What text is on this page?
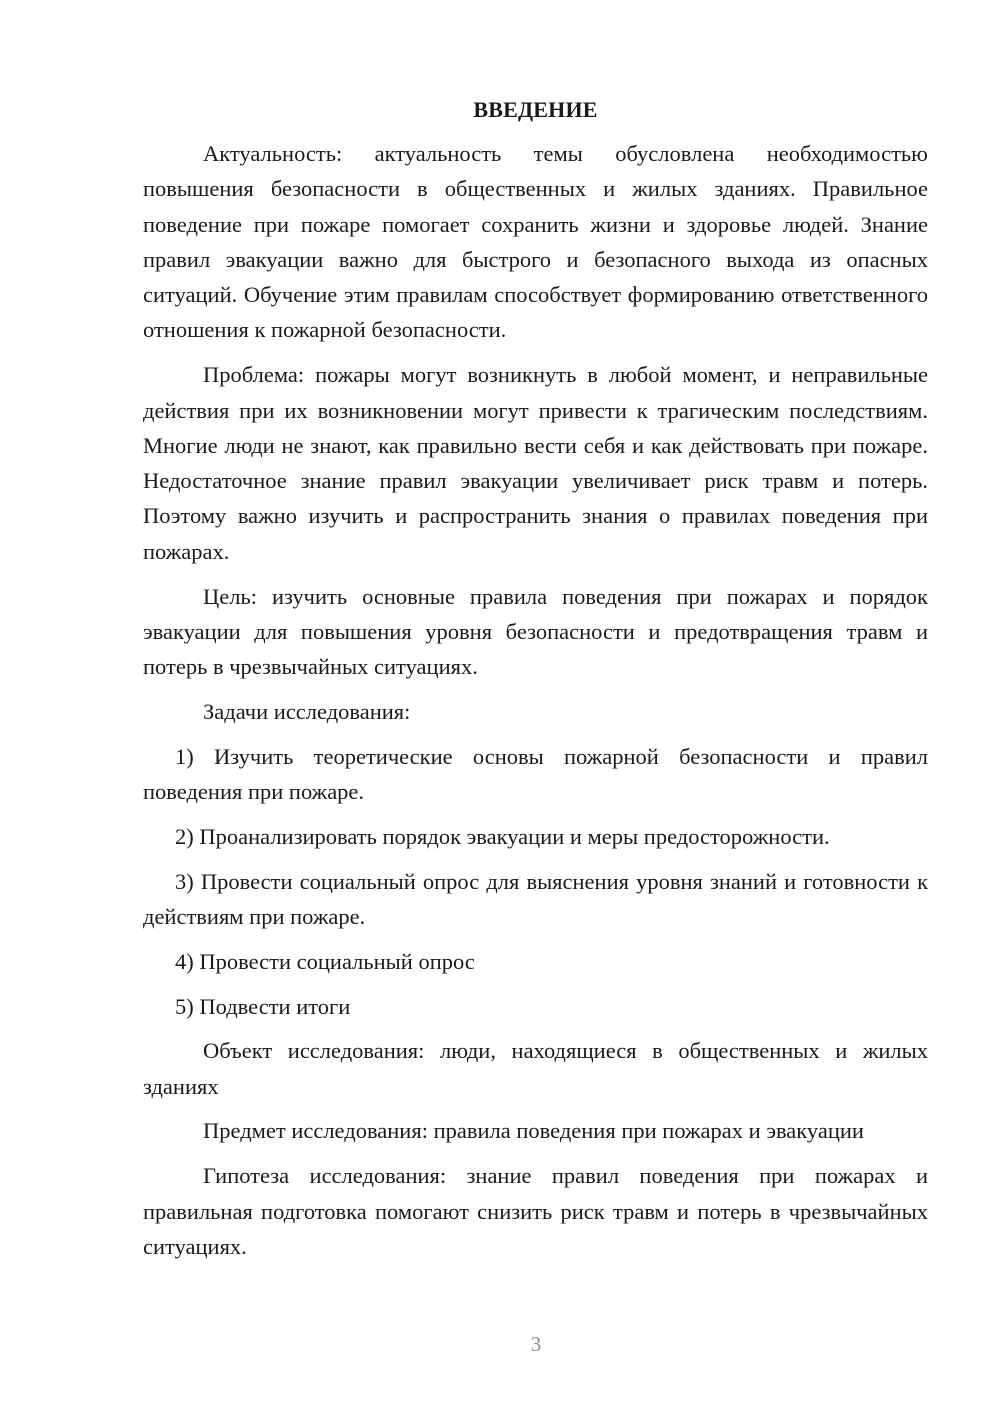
ВВЕДЕНИЕ

Актуальность: актуальность темы обусловлена необходимостью повышения безопасности в общественных и жилых зданиях. Правильное поведение при пожаре помогает сохранить жизни и здоровье людей. Знание правил эвакуации важно для быстрого и безопасного выхода из опасных ситуаций. Обучение этим правилам способствует формированию ответственного отношения к пожарной безопасности.

Проблема: пожары могут возникнуть в любой момент, и неправильные действия при их возникновении могут привести к трагическим последствиям. Многие люди не знают, как правильно вести себя и как действовать при пожаре. Недостаточное знание правил эвакуации увеличивает риск травм и потерь. Поэтому важно изучить и распространить знания о правилах поведения при пожарах.

Цель: изучить основные правила поведения при пожарах и порядок эвакуации для повышения уровня безопасности и предотвращения травм и потерь в чрезвычайных ситуациях.

Задачи исследования:

1) Изучить теоретические основы пожарной безопасности и правил поведения при пожаре.

2) Проанализировать порядок эвакуации и меры предосторожности.

3) Провести социальный опрос для выяснения уровня знаний и готовности к действиям при пожаре.

4) Провести социальный опрос

5) Подвести итоги

Объект исследования: люди, находящиеся в общественных и жилых зданиях

Предмет исследования: правила поведения при пожарах и эвакуации

Гипотеза исследования: знание правил поведения при пожарах и правильная подготовка помогают снизить риск травм и потерь в чрезвычайных ситуациях.

3
